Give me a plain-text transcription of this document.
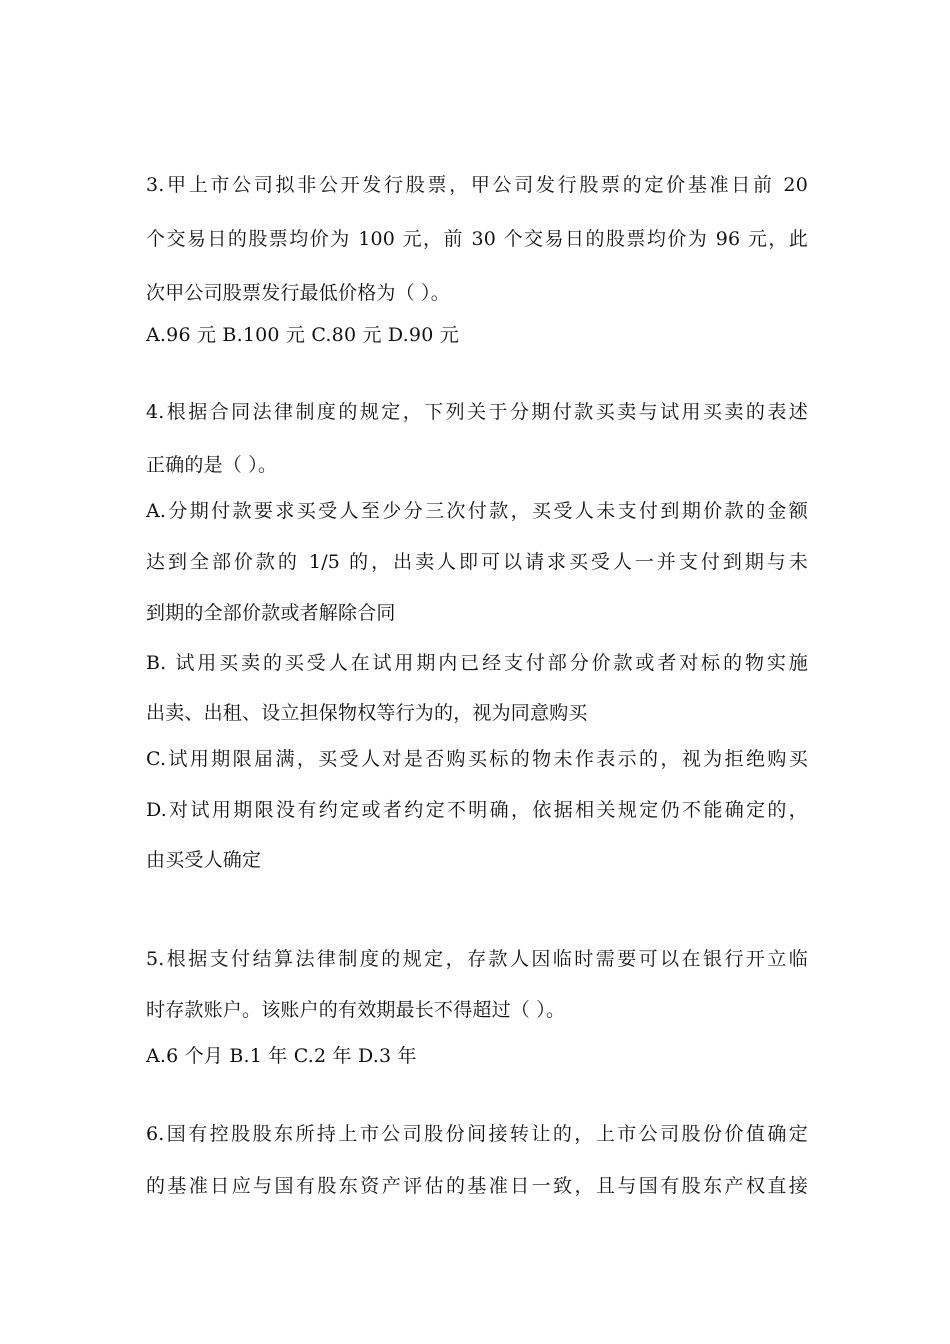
3.甲上市公司拟非公开发行股票，甲公司发行股票的定价基准日前 20
个交易日的股票均价为 100 元，前 30 个交易日的股票均价为 96 元，此
次甲公司股票发行最低价格为（ ）。
A.96 元 B.100 元 C.80 元 D.90 元
4.根据合同法律制度的规定，下列关于分期付款买卖与试用买卖的表述
正确的是（ ）。
A.分期付款要求买受人至少分三次付款，买受人未支付到期价款的金额
达到全部价款的 1/5 的，出卖人即可以请求买受人一并支付到期与未
到期的全部价款或者解除合同
B. 试用买卖的买受人在试用期内已经支付部分价款或者对标的物实施
出卖、出租、设立担保物权等行为的，视为同意购买
C.试用期限届满，买受人对是否购买标的物未作表示的，视为拒绝购买
D.对试用期限没有约定或者约定不明确，依据相关规定仍不能确定的，
由买受人确定
5.根据支付结算法律制度的规定，存款人因临时需要可以在银行开立临
时存款账户。该账户的有效期最长不得超过（ ）。
A.6 个月 B.1 年 C.2 年 D.3 年
6.国有控股股东所持上市公司股份间接转让的，上市公司股份价值确定
的基准日应与国有股东资产评估的基准日一致，且与国有股东产权直接
